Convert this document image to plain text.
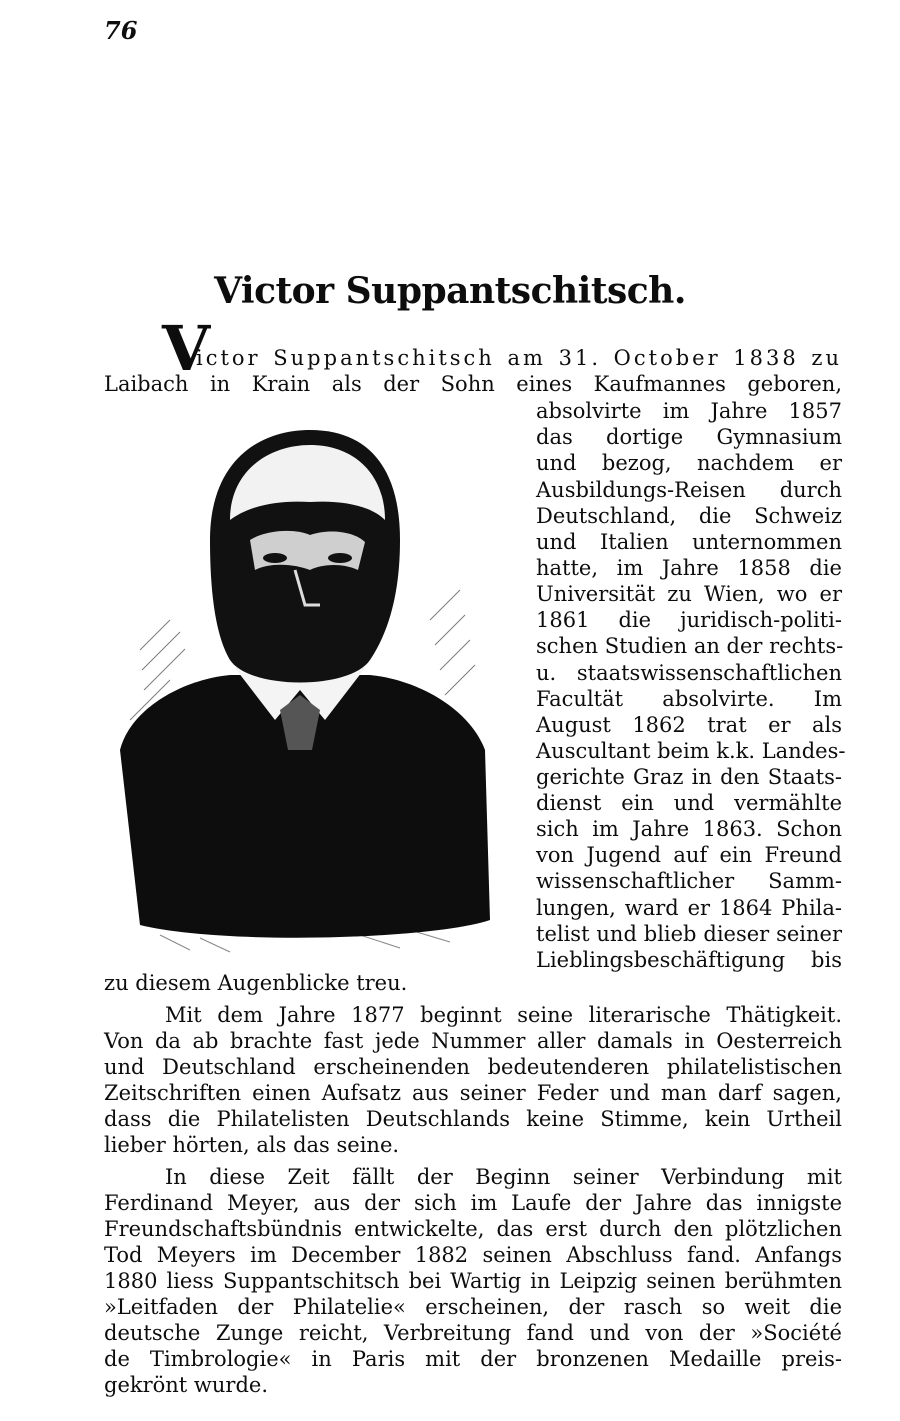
76
Victor Suppantschitsch.
V
ictor Suppantschitsch am 31. October 1838 zu
Laibach in Krain als der Sohn eines Kaufmannes geboren,
absolvirte im Jahre 1857
das dortige Gymnasium
und bezog, nachdem er
Ausbildungs-Reisen durch
Deutschland, die Schweiz
und Italien unternommen
hatte, im Jahre 1858 die
Universität zu Wien, wo er
1861 die juridisch-politi-
schen Studien an der rechts-
u. staatswissenschaftlichen
Facultät absolvirte. Im
August 1862 trat er als
Auscultant beim k.k. Landes-
gerichte Graz in den Staats-
dienst ein und vermählte
sich im Jahre 1863. Schon
von Jugend auf ein Freund
wissenschaftlicher Samm-
lungen, ward er 1864 Phila-
telist und blieb dieser seiner
Lieblingsbeschäftigung bis
zu diesem Augenblicke treu.
Mit dem Jahre 1877 beginnt seine literarische Thätigkeit.
Von da ab brachte fast jede Nummer aller damals in Oesterreich
und Deutschland erscheinenden bedeutenderen philatelistischen
Zeitschriften einen Aufsatz aus seiner Feder und man darf sagen,
dass die Philatelisten Deutschlands keine Stimme, kein Urtheil
lieber hörten, als das seine.
In diese Zeit fällt der Beginn seiner Verbindung mit
Ferdinand Meyer, aus der sich im Laufe der Jahre das innigste
Freundschaftsbündnis entwickelte, das erst durch den plötzlichen
Tod Meyers im December 1882 seinen Abschluss fand. Anfangs
1880 liess Suppantschitsch bei Wartig in Leipzig seinen berühmten
»Leitfaden der Philatelie« erscheinen, der rasch so weit die
deutsche Zunge reicht, Verbreitung fand und von der »Société
de Timbrologie« in Paris mit der bronzenen Medaille preis-
gekrönt wurde.
